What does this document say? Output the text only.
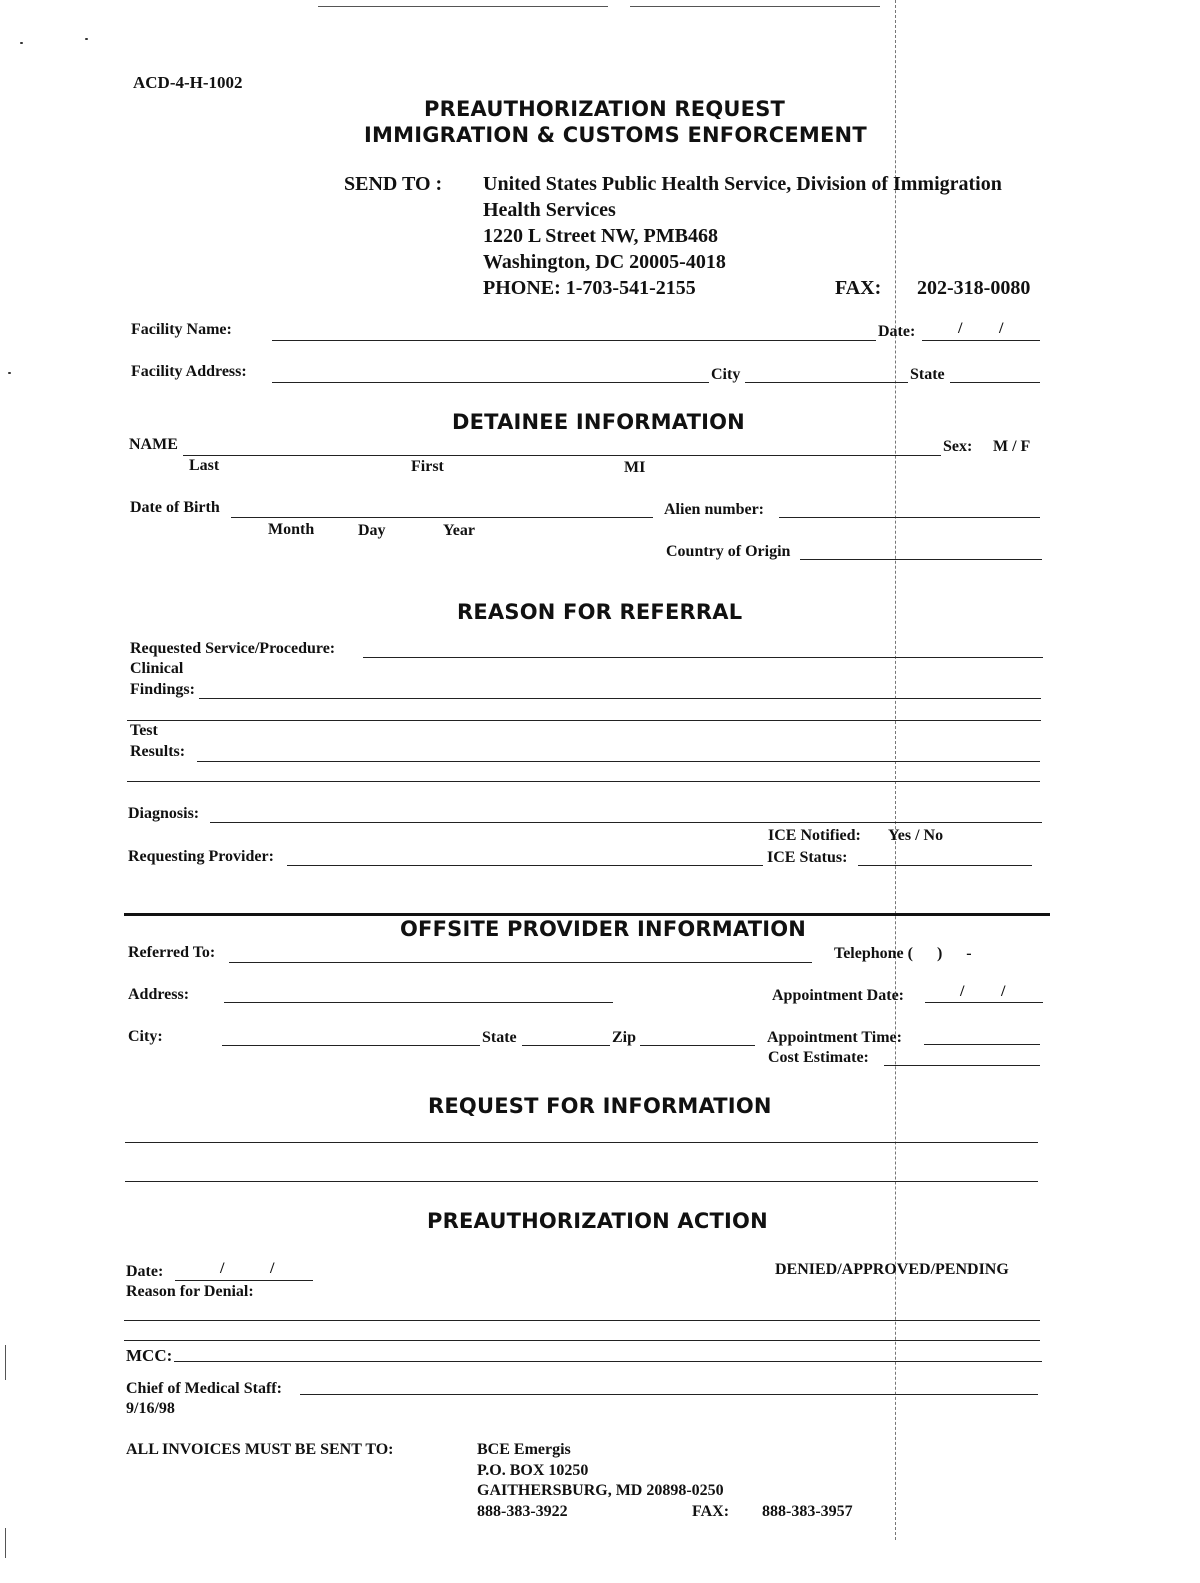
ACD-4-H-1002
PREAUTHORIZATION REQUEST
IMMIGRATION & CUSTOMS ENFORCEMENT
SEND TO : United States Public Health Service, Division of Immigration
Health Services
1220 L Street NW, PMB468
Washington, DC 20005-4018
PHONE: 1-703-541-2155	FAX: 202-318-0080
Facility Name:	Date:	/ /
Facility Address:	City	State
DETAINEE INFORMATION
NAME	Sex: M / F
Last	First	MI
Date of Birth
Month	Day	Year
Alien number:
Country of Origin
REASON FOR REFERRAL
Requested Service/Procedure:
Clinical
Findings:
Test
Results:
Diagnosis:
ICE Notified: Yes / No
Requesting Provider:	ICE Status:
OFFSITE PROVIDER INFORMATION
Referred To:	Telephone (      )      -
Address:	Appointment Date:	/ /
City:	State	Zip	Appointment Time:
Cost Estimate:
REQUEST FOR INFORMATION
PREAUTHORIZATION ACTION
Date:	/	/	DENIED/APPROVED/PENDING
Reason for Denial:
MCC:
Chief of Medical Staff:
9/16/98
ALL INVOICES MUST BE SENT TO:	BCE Emergis
P.O. BOX 10250
GAITHERSBURG, MD 20898-0250
888-383-3922	FAX: 888-383-3957
